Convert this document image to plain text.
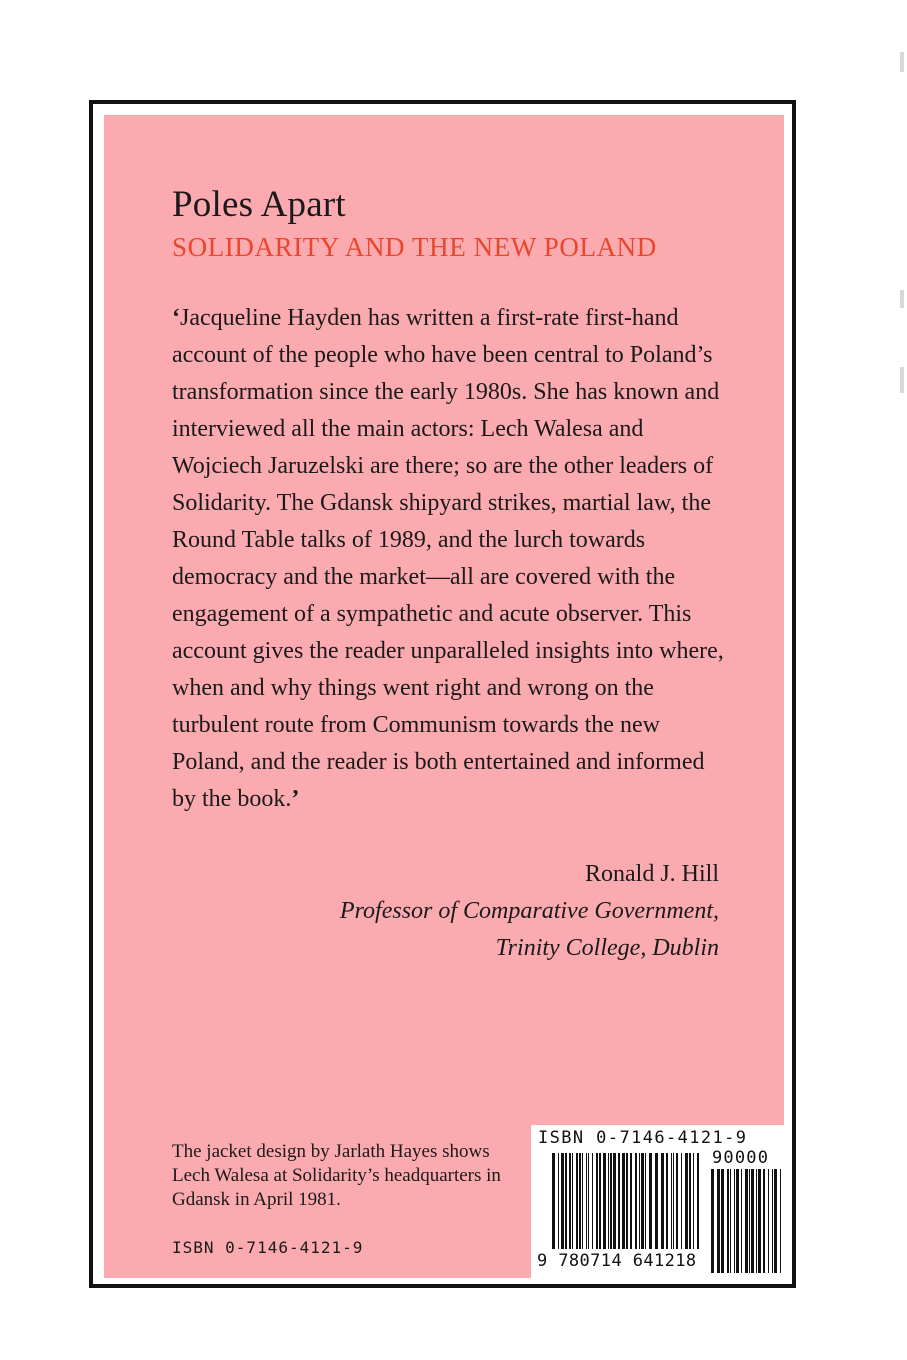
Poles Apart
SOLIDARITY AND THE NEW POLAND

‘Jacqueline Hayden has written a first-rate first-hand account of the people who have been central to Poland’s transformation since the early 1980s. She has known and interviewed all the main actors: Lech Walesa and Wojciech Jaruzelski are there; so are the other leaders of Solidarity. The Gdansk shipyard strikes, martial law, the Round Table talks of 1989, and the lurch towards democracy and the market—all are covered with the engagement of a sympathetic and acute observer. This account gives the reader unparalleled insights into where, when and why things went right and wrong on the turbulent route from Communism towards the new Poland, and the reader is both entertained and informed by the book.’

Ronald J. Hill
Professor of Comparative Government,
Trinity College, Dublin

The jacket design by Jarlath Hayes shows Lech Walesa at Solidarity’s headquarters in Gdansk in April 1981.

ISBN 0-7146-4121-9
ISBN 0-7146-4121-9
90000
9 780714 641218
